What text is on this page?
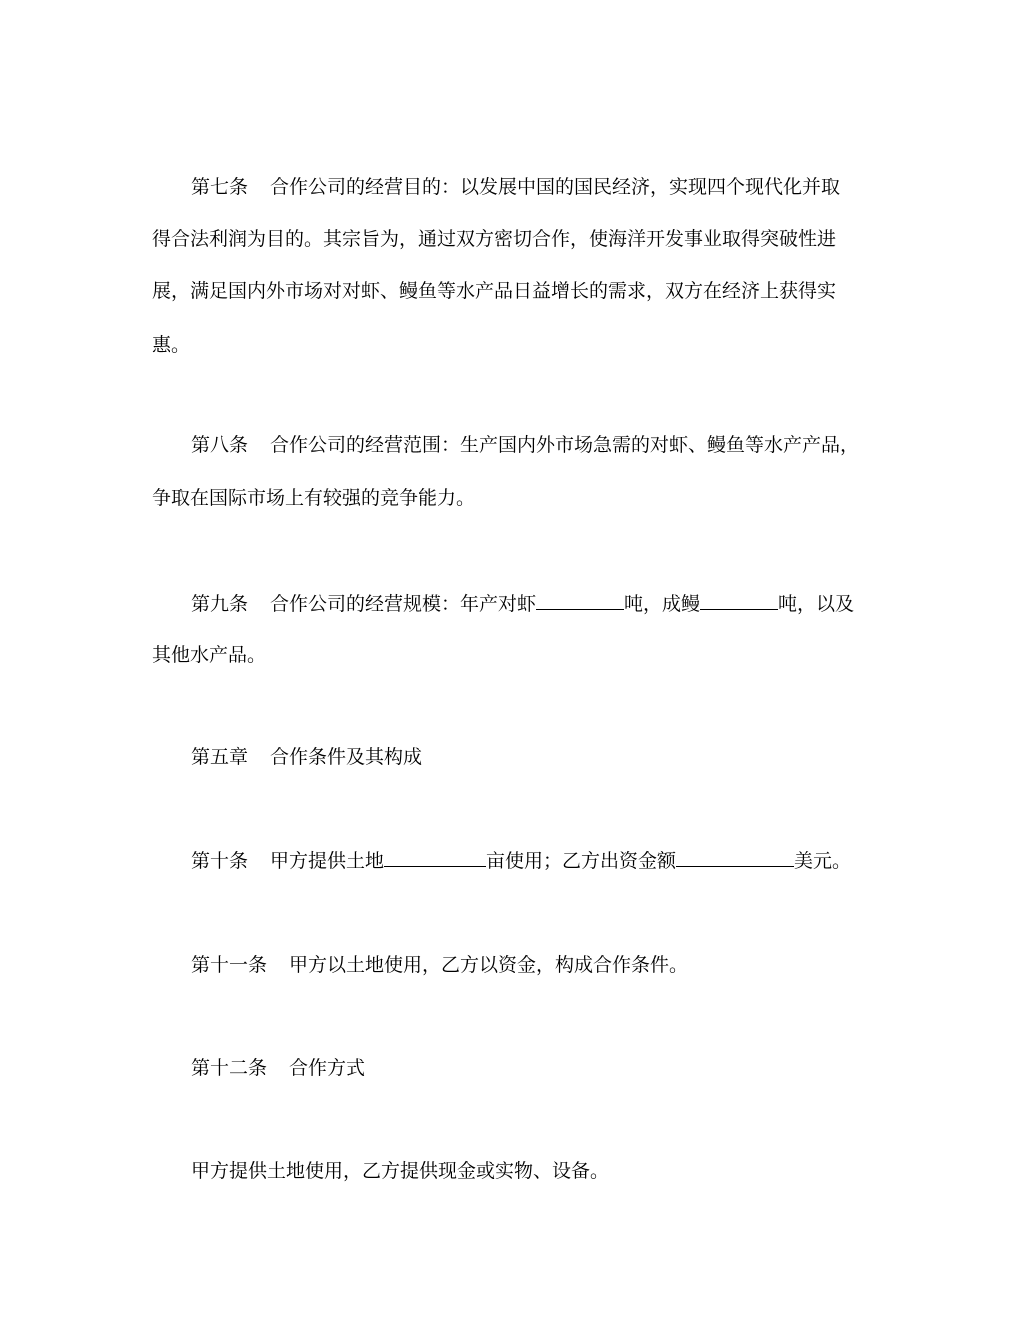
第七条 合作公司的经营目的：以发展中国的国民经济，实现四个现代化并取
得合法利润为目的。其宗旨为，通过双方密切合作，使海洋开发事业取得突破性进
展，满足国内外市场对对虾、鳗鱼等水产品日益增长的需求，双方在经济上获得实
惠。
第八条 合作公司的经营范围：生产国内外市场急需的对虾、鳗鱼等水产产品，
争取在国际市场上有较强的竞争能力。
第九条 合作公司的经营规模：年产对虾	吨，成鳗	吨，以及
其他水产品。
第五章 合作条件及其构成
第十条 甲方提供土地	亩使用；乙方出资金额	美元。
第十一条 甲方以土地使用，乙方以资金，构成合作条件。
第十二条 合作方式
甲方提供土地使用，乙方提供现金或实物、设备。
